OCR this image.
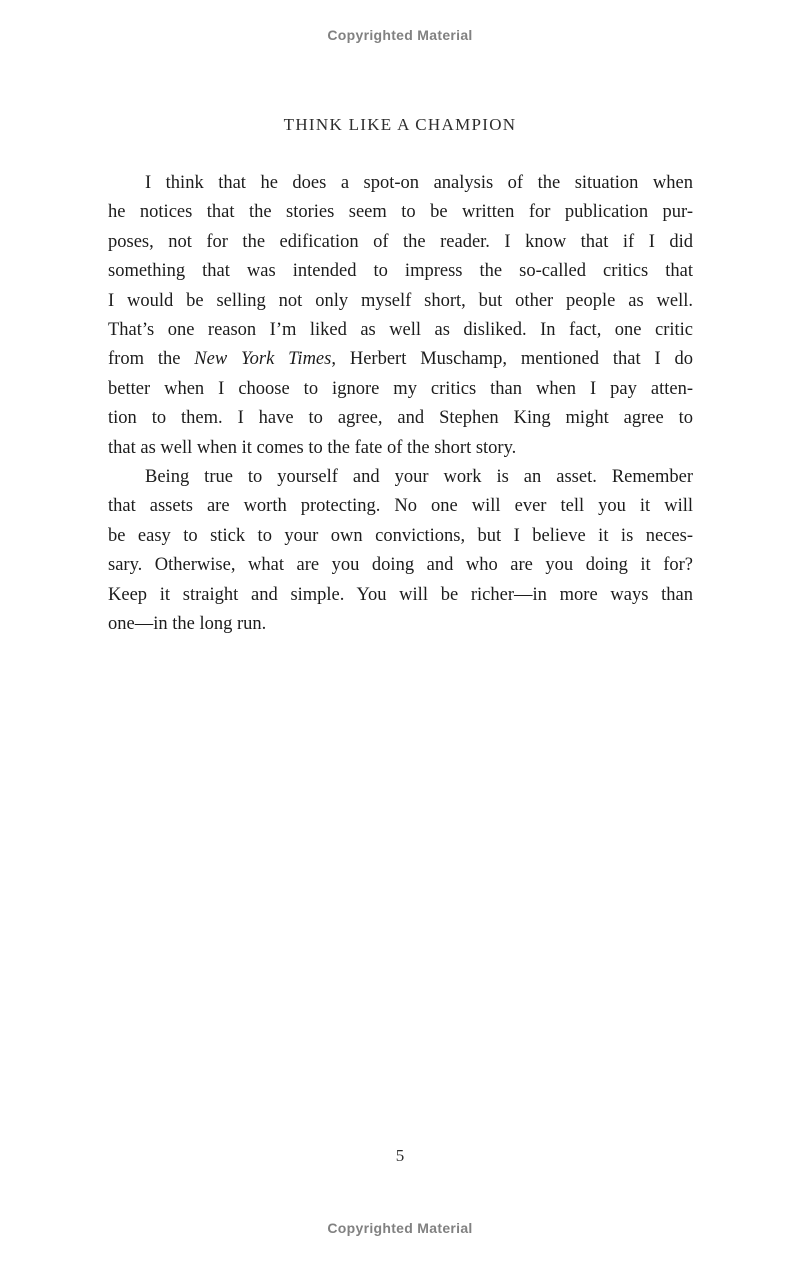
Copyrighted Material
THINK LIKE A CHAMPION
I think that he does a spot-on analysis of the situation when
he notices that the stories seem to be written for publication pur-
poses, not for the edification of the reader. I know that if I did
something that was intended to impress the so-called critics that
I would be selling not only myself short, but other people as well.
That’s one reason I’m liked as well as disliked. In fact, one critic
from the New York Times, Herbert Muschamp, mentioned that I do
better when I choose to ignore my critics than when I pay atten-
tion to them. I have to agree, and Stephen King might agree to
that as well when it comes to the fate of the short story.
Being true to yourself and your work is an asset. Remember
that assets are worth protecting. No one will ever tell you it will
be easy to stick to your own convictions, but I believe it is neces-
sary. Otherwise, what are you doing and who are you doing it for?
Keep it straight and simple. You will be richer—in more ways than
one—in the long run.
5
Copyrighted Material
